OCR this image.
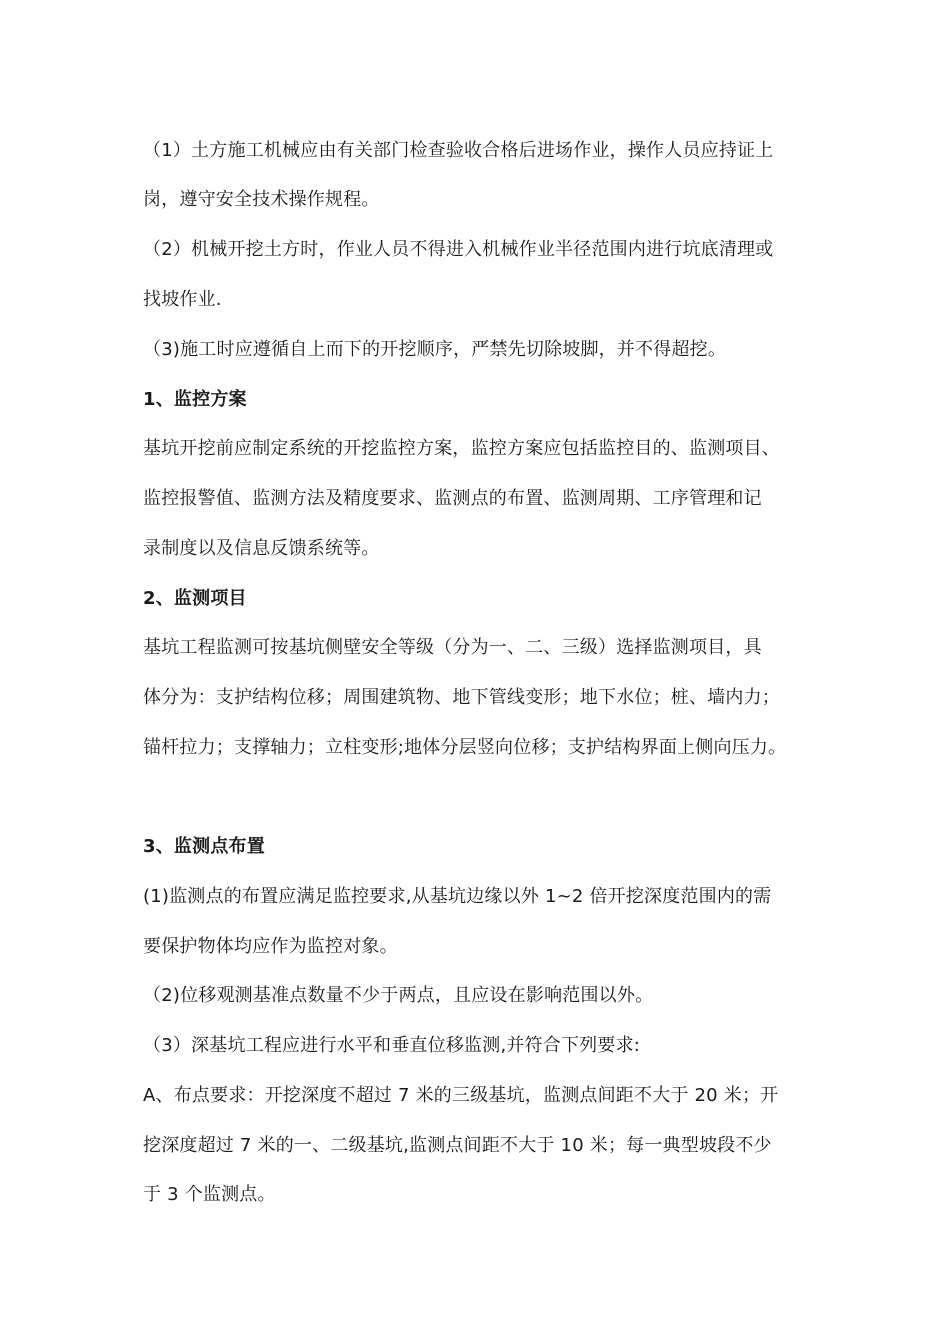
（1）土方施工机械应由有关部门检查验收合格后进场作业，操作人员应持证上
岗，遵守安全技术操作规程。
（2）机械开挖土方时，作业人员不得进入机械作业半径范围内进行坑底清理或
找坡作业.
（3)施工时应遵循自上而下的开挖顺序，严禁先切除坡脚，并不得超挖。
1、监控方案
基坑开挖前应制定系统的开挖监控方案，监控方案应包括监控目的、监测项目、
监控报警值、监测方法及精度要求、监测点的布置、监测周期、工序管理和记
录制度以及信息反馈系统等。
2、监测项目
基坑工程监测可按基坑侧壁安全等级（分为一、二、三级）选择监测项目，具
体分为：支护结构位移；周围建筑物、地下管线变形；地下水位；桩、墙内力；
锚杆拉力；支撑轴力；立柱变形;地体分层竖向位移；支护结构界面上侧向压力。
3、监测点布置
(1)监测点的布置应满足监控要求,从基坑边缘以外 1~2 倍开挖深度范围内的需
要保护物体均应作为监控对象。
（2)位移观测基准点数量不少于两点，且应设在影响范围以外。
（3）深基坑工程应进行水平和垂直位移监测,并符合下列要求:
A、布点要求：开挖深度不超过 7 米的三级基坑，监测点间距不大于 20 米；开
挖深度超过 7 米的一、二级基坑,监测点间距不大于 10 米；每一典型坡段不少
于 3 个监测点。
